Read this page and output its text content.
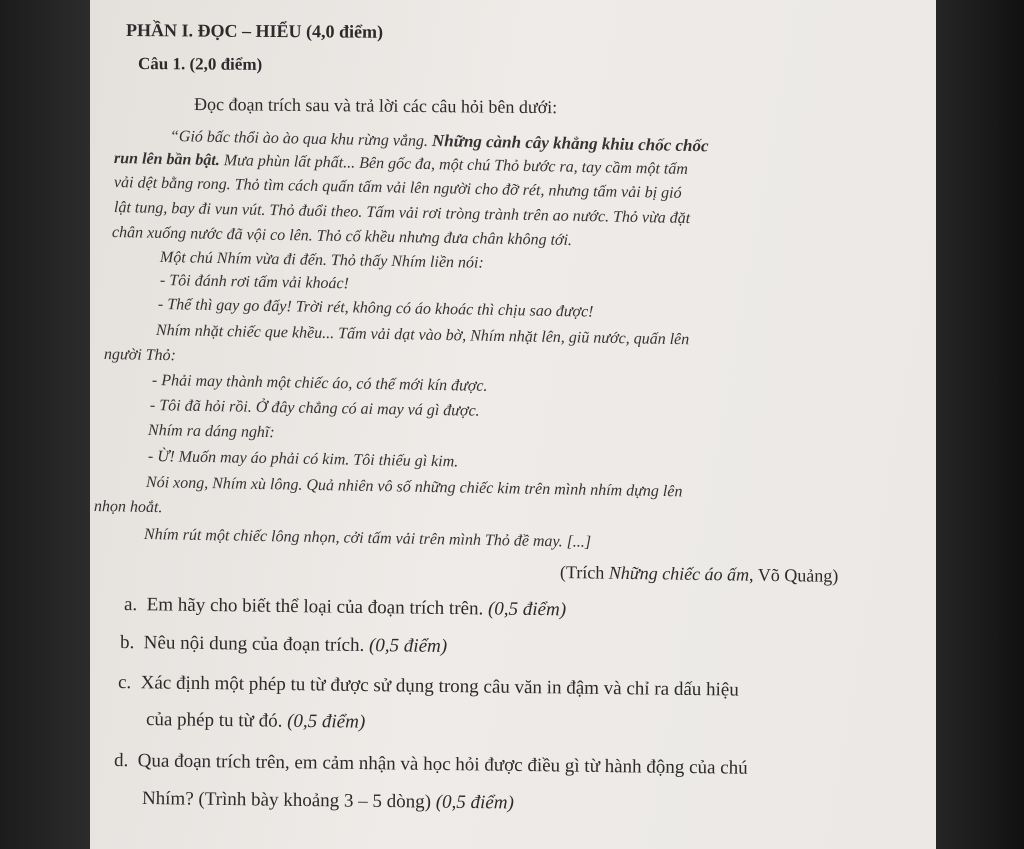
PHẦN I. ĐỌC – HIỂU (4,0 điểm)
Câu 1. (2,0 điểm)
Đọc đoạn trích sau và trả lời các câu hỏi bên dưới:
“Gió bấc thổi ào ào qua khu rừng vắng. Những cành cây khẳng khiu chốc chốc
run lên bần bật. Mưa phùn lất phất... Bên gốc đa, một chú Thỏ bước ra, tay cầm một tấm
vải dệt bằng rong. Thỏ tìm cách quấn tấm vải lên người cho đỡ rét, nhưng tấm vải bị gió
lật tung, bay đi vun vút. Thỏ đuổi theo. Tấm vải rơi tròng trành trên ao nước. Thỏ vừa đặt
chân xuống nước đã vội co lên. Thỏ cố khều nhưng đưa chân không tới.
Một chú Nhím vừa đi đến. Thỏ thấy Nhím liền nói:
- Tôi đánh rơi tấm vải khoác!
- Thế thì gay go đấy! Trời rét, không có áo khoác thì chịu sao được!
Nhím nhặt chiếc que khều... Tấm vải dạt vào bờ, Nhím nhặt lên, giũ nước, quấn lên
người Thỏ:
- Phải may thành một chiếc áo, có thế mới kín được.
- Tôi đã hỏi rồi. Ở đây chẳng có ai may vá gì được.
Nhím ra dáng nghĩ:
- Ừ! Muốn may áo phải có kim. Tôi thiếu gì kim.
Nói xong, Nhím xù lông. Quả nhiên vô số những chiếc kim trên mình nhím dựng lên
nhọn hoắt.
Nhím rút một chiếc lông nhọn, cởi tấm vải trên mình Thỏ đề may. [...]
(Trích Những chiếc áo ấm, Võ Quảng)
a. Em hãy cho biết thể loại của đoạn trích trên. (0,5 điểm)
b. Nêu nội dung của đoạn trích. (0,5 điểm)
c. Xác định một phép tu từ được sử dụng trong câu văn in đậm và chỉ ra dấu hiệu
của phép tu từ đó. (0,5 điểm)
d. Qua đoạn trích trên, em cảm nhận và học hỏi được điều gì từ hành động của chú
Nhím? (Trình bày khoảng 3 – 5 dòng) (0,5 điểm)
